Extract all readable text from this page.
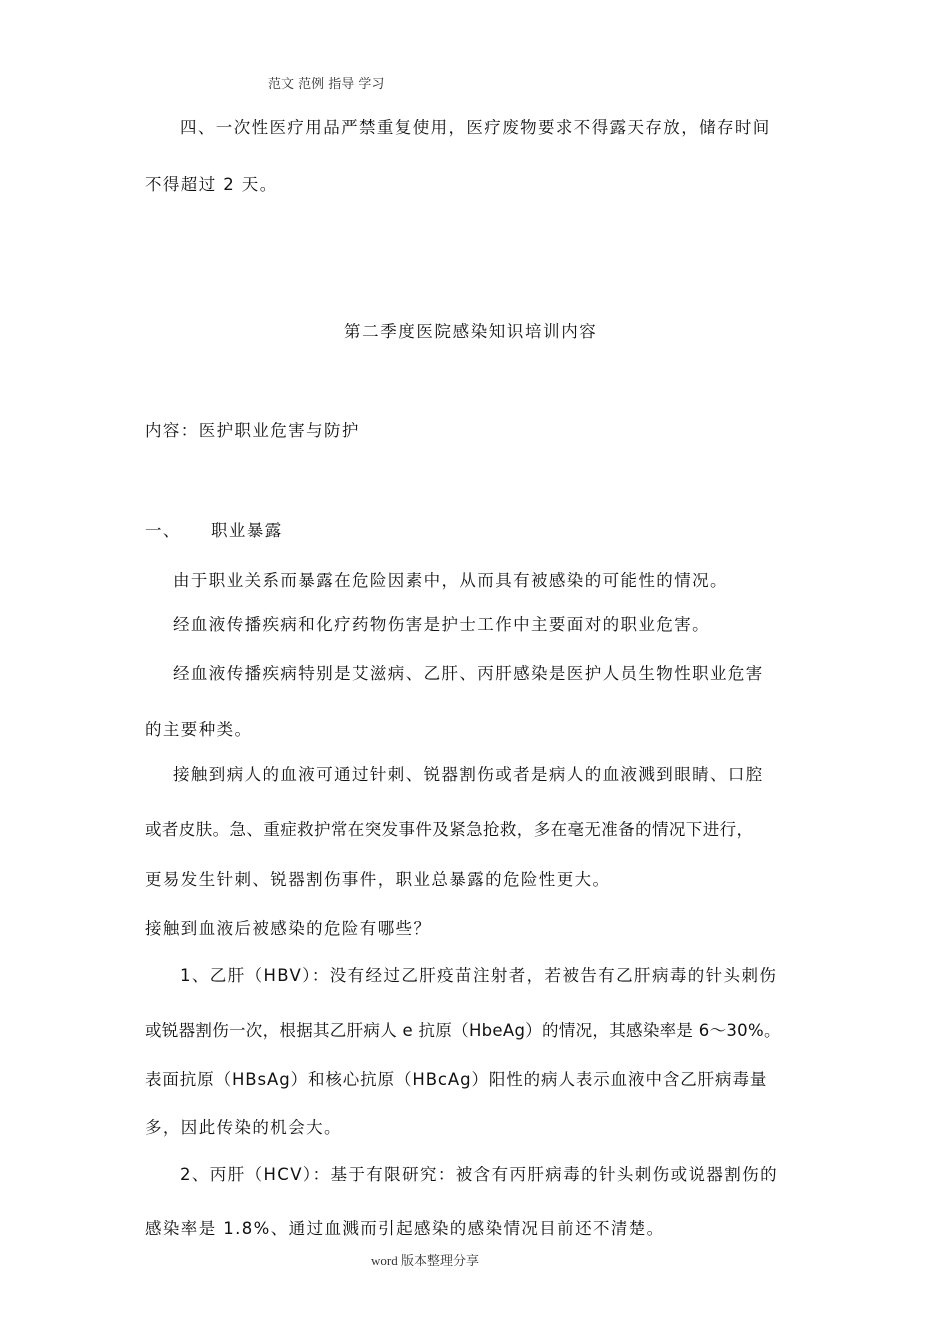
范文 范例 指导 学习
四、一次性医疗用品严禁重复使用，医疗废物要求不得露天存放，储存时间
不得超过 2 天。
第二季度医院感染知识培训内容
内容：医护职业危害与防护
一、 职业暴露
由于职业关系而暴露在危险因素中，从而具有被感染的可能性的情况。
经血液传播疾病和化疗药物伤害是护士工作中主要面对的职业危害。
经血液传播疾病特别是艾滋病、乙肝、丙肝感染是医护人员生物性职业危害
的主要种类。
接触到病人的血液可通过针刺、锐器割伤或者是病人的血液溅到眼睛、口腔
或者皮肤。急、重症救护常在突发事件及紧急抢救，多在毫无准备的情况下进行，
更易发生针刺、锐器割伤事件，职业总暴露的危险性更大。
接触到血液后被感染的危险有哪些？
1、乙肝（HBV）：没有经过乙肝疫苗注射者，若被告有乙肝病毒的针头刺伤
或锐器割伤一次，根据其乙肝病人 e 抗原（HbeAg）的情况，其感染率是 6～30%。
表面抗原（HBsAg）和核心抗原（HBcAg）阳性的病人表示血液中含乙肝病毒量
多，因此传染的机会大。
2、丙肝（HCV）：基于有限研究：被含有丙肝病毒的针头刺伤或说器割伤的
感染率是 1.8%、通过血溅而引起感染的感染情况目前还不清楚。
word 版本整理分享
